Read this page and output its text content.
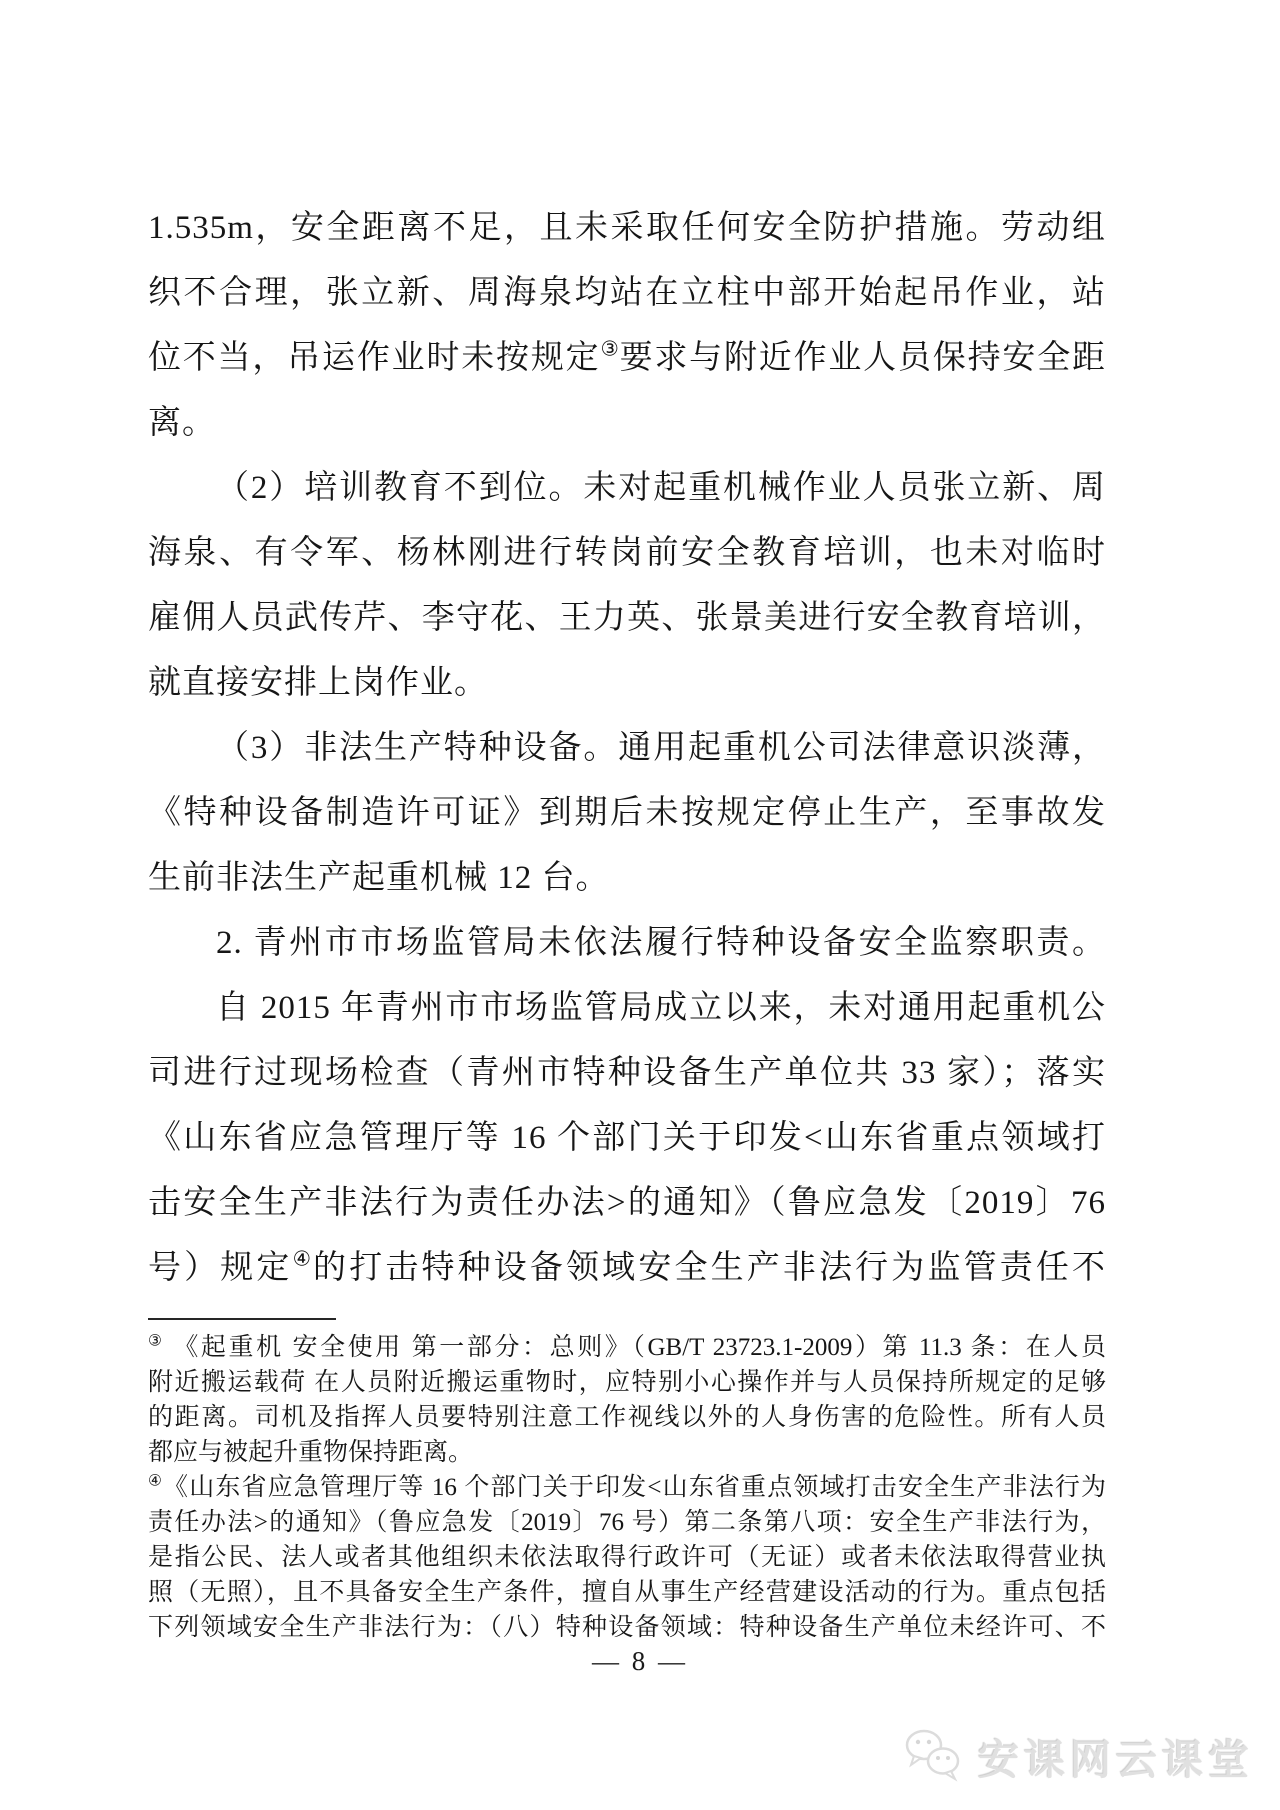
1.535m，安全距离不足，且未采取任何安全防护措施。劳动组
织不合理，张立新、周海泉均站在立柱中部开始起吊作业，站
位不当，吊运作业时未按规定③要求与附近作业人员保持安全距
离。
（2）培训教育不到位。未对起重机械作业人员张立新、周
海泉、有令军、杨林刚进行转岗前安全教育培训，也未对临时
雇佣人员武传芹、李守花、王力英、张景美进行安全教育培训，
就直接安排上岗作业。
（3）非法生产特种设备。通用起重机公司法律意识淡薄，
《特种设备制造许可证》到期后未按规定停止生产，至事故发
生前非法生产起重机械 12 台。
2. 青州市市场监管局未依法履行特种设备安全监察职责。
自 2015 年青州市市场监管局成立以来，未对通用起重机公
司进行过现场检查（青州市特种设备生产单位共 33 家）；落实
《山东省应急管理厅等 16 个部门关于印发<山东省重点领域打
击安全生产非法行为责任办法>的通知》（鲁应急发〔2019〕76
号）规定④的打击特种设备领域安全生产非法行为监管责任不
③ 《起重机 安全使用 第一部分：总则》（GB/T 23723.1-2009）第 11.3 条：在人员
附近搬运载荷 在人员附近搬运重物时，应特别小心操作并与人员保持所规定的足够
的距离。司机及指挥人员要特别注意工作视线以外的人身伤害的危险性。所有人员
都应与被起升重物保持距离。
④《山东省应急管理厅等 16 个部门关于印发<山东省重点领域打击安全生产非法行为
责任办法>的通知》（鲁应急发〔2019〕76 号）第二条第八项：安全生产非法行为，
是指公民、法人或者其他组织未依法取得行政许可（无证）或者未依法取得营业执
照（无照），且不具备安全生产条件，擅自从事生产经营建设活动的行为。重点包括
下列领域安全生产非法行为：（八）特种设备领域：特种设备生产单位未经许可、不
— 8 —
安课网云课堂
